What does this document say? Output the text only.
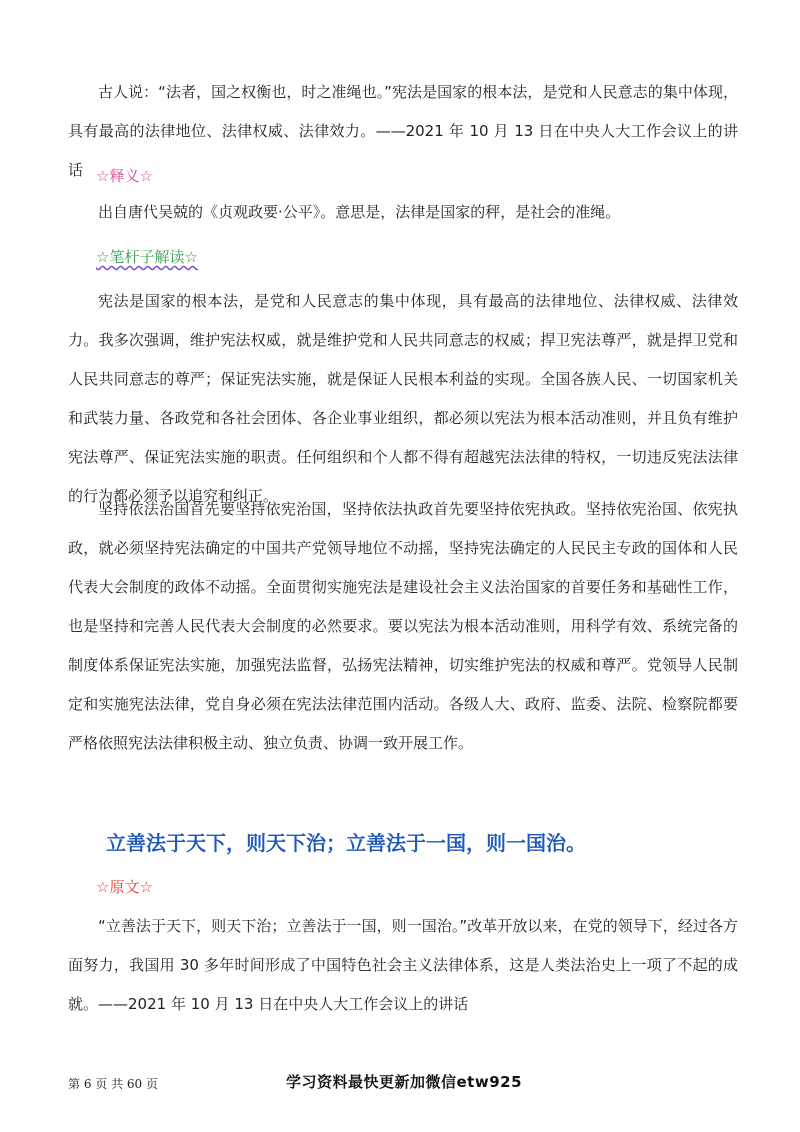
古人说：“法者，国之权衡也，时之准绳也。”宪法是国家的根本法，是党和人民意志的集中体现，具有最高的法律地位、法律权威、法律效力。——2021 年 10 月 13 日在中央人大工作会议上的讲话 ☆释义☆

出自唐代吴兢的《贞观政要·公平》。意思是，法律是国家的秤，是社会的准绳。

☆笔杆子解读☆

宪法是国家的根本法，是党和人民意志的集中体现，具有最高的法律地位、法律权威、法律效力。我多次强调，维护宪法权威，就是维护党和人民共同意志的权威；捍卫宪法尊严，就是捍卫党和人民共同意志的尊严；保证宪法实施，就是保证人民根本利益的实现。全国各族人民、一切国家机关和武装力量、各政党和各社会团体、各企业事业组织，都必须以宪法为根本活动准则，并且负有维护宪法尊严、保证宪法实施的职责。任何组织和个人都不得有超越宪法法律的特权，一切违反宪法法律的行为都必须予以追究和纠正。

坚持依法治国首先要坚持依宪治国，坚持依法执政首先要坚持依宪执政。坚持依宪治国、依宪执政，就必须坚持宪法确定的中国共产党领导地位不动摇，坚持宪法确定的人民民主专政的国体和人民代表大会制度的政体不动摇。全面贯彻实施宪法是建设社会主义法治国家的首要任务和基础性工作，也是坚持和完善人民代表大会制度的必然要求。要以宪法为根本活动准则，用科学有效、系统完备的制度体系保证宪法实施，加强宪法监督，弘扬宪法精神，切实维护宪法的权威和尊严。党领导人民制定和实施宪法法律，党自身必须在宪法法律范围内活动。各级人大、政府、监委、法院、检察院都要严格依照宪法法律积极主动、独立负责、协调一致开展工作。

立善法于天下，则天下治；立善法于一国，则一国治。

☆原文☆

“立善法于天下，则天下治；立善法于一国，则一国治。”改革开放以来，在党的领导下，经过各方面努力，我国用 30 多年时间形成了中国特色社会主义法律体系，这是人类法治史上一项了不起的成就。——2021 年 10 月 13 日在中央人大工作会议上的讲话

第 6 页 共 60 页	学习资料最快更新加微信etw925
